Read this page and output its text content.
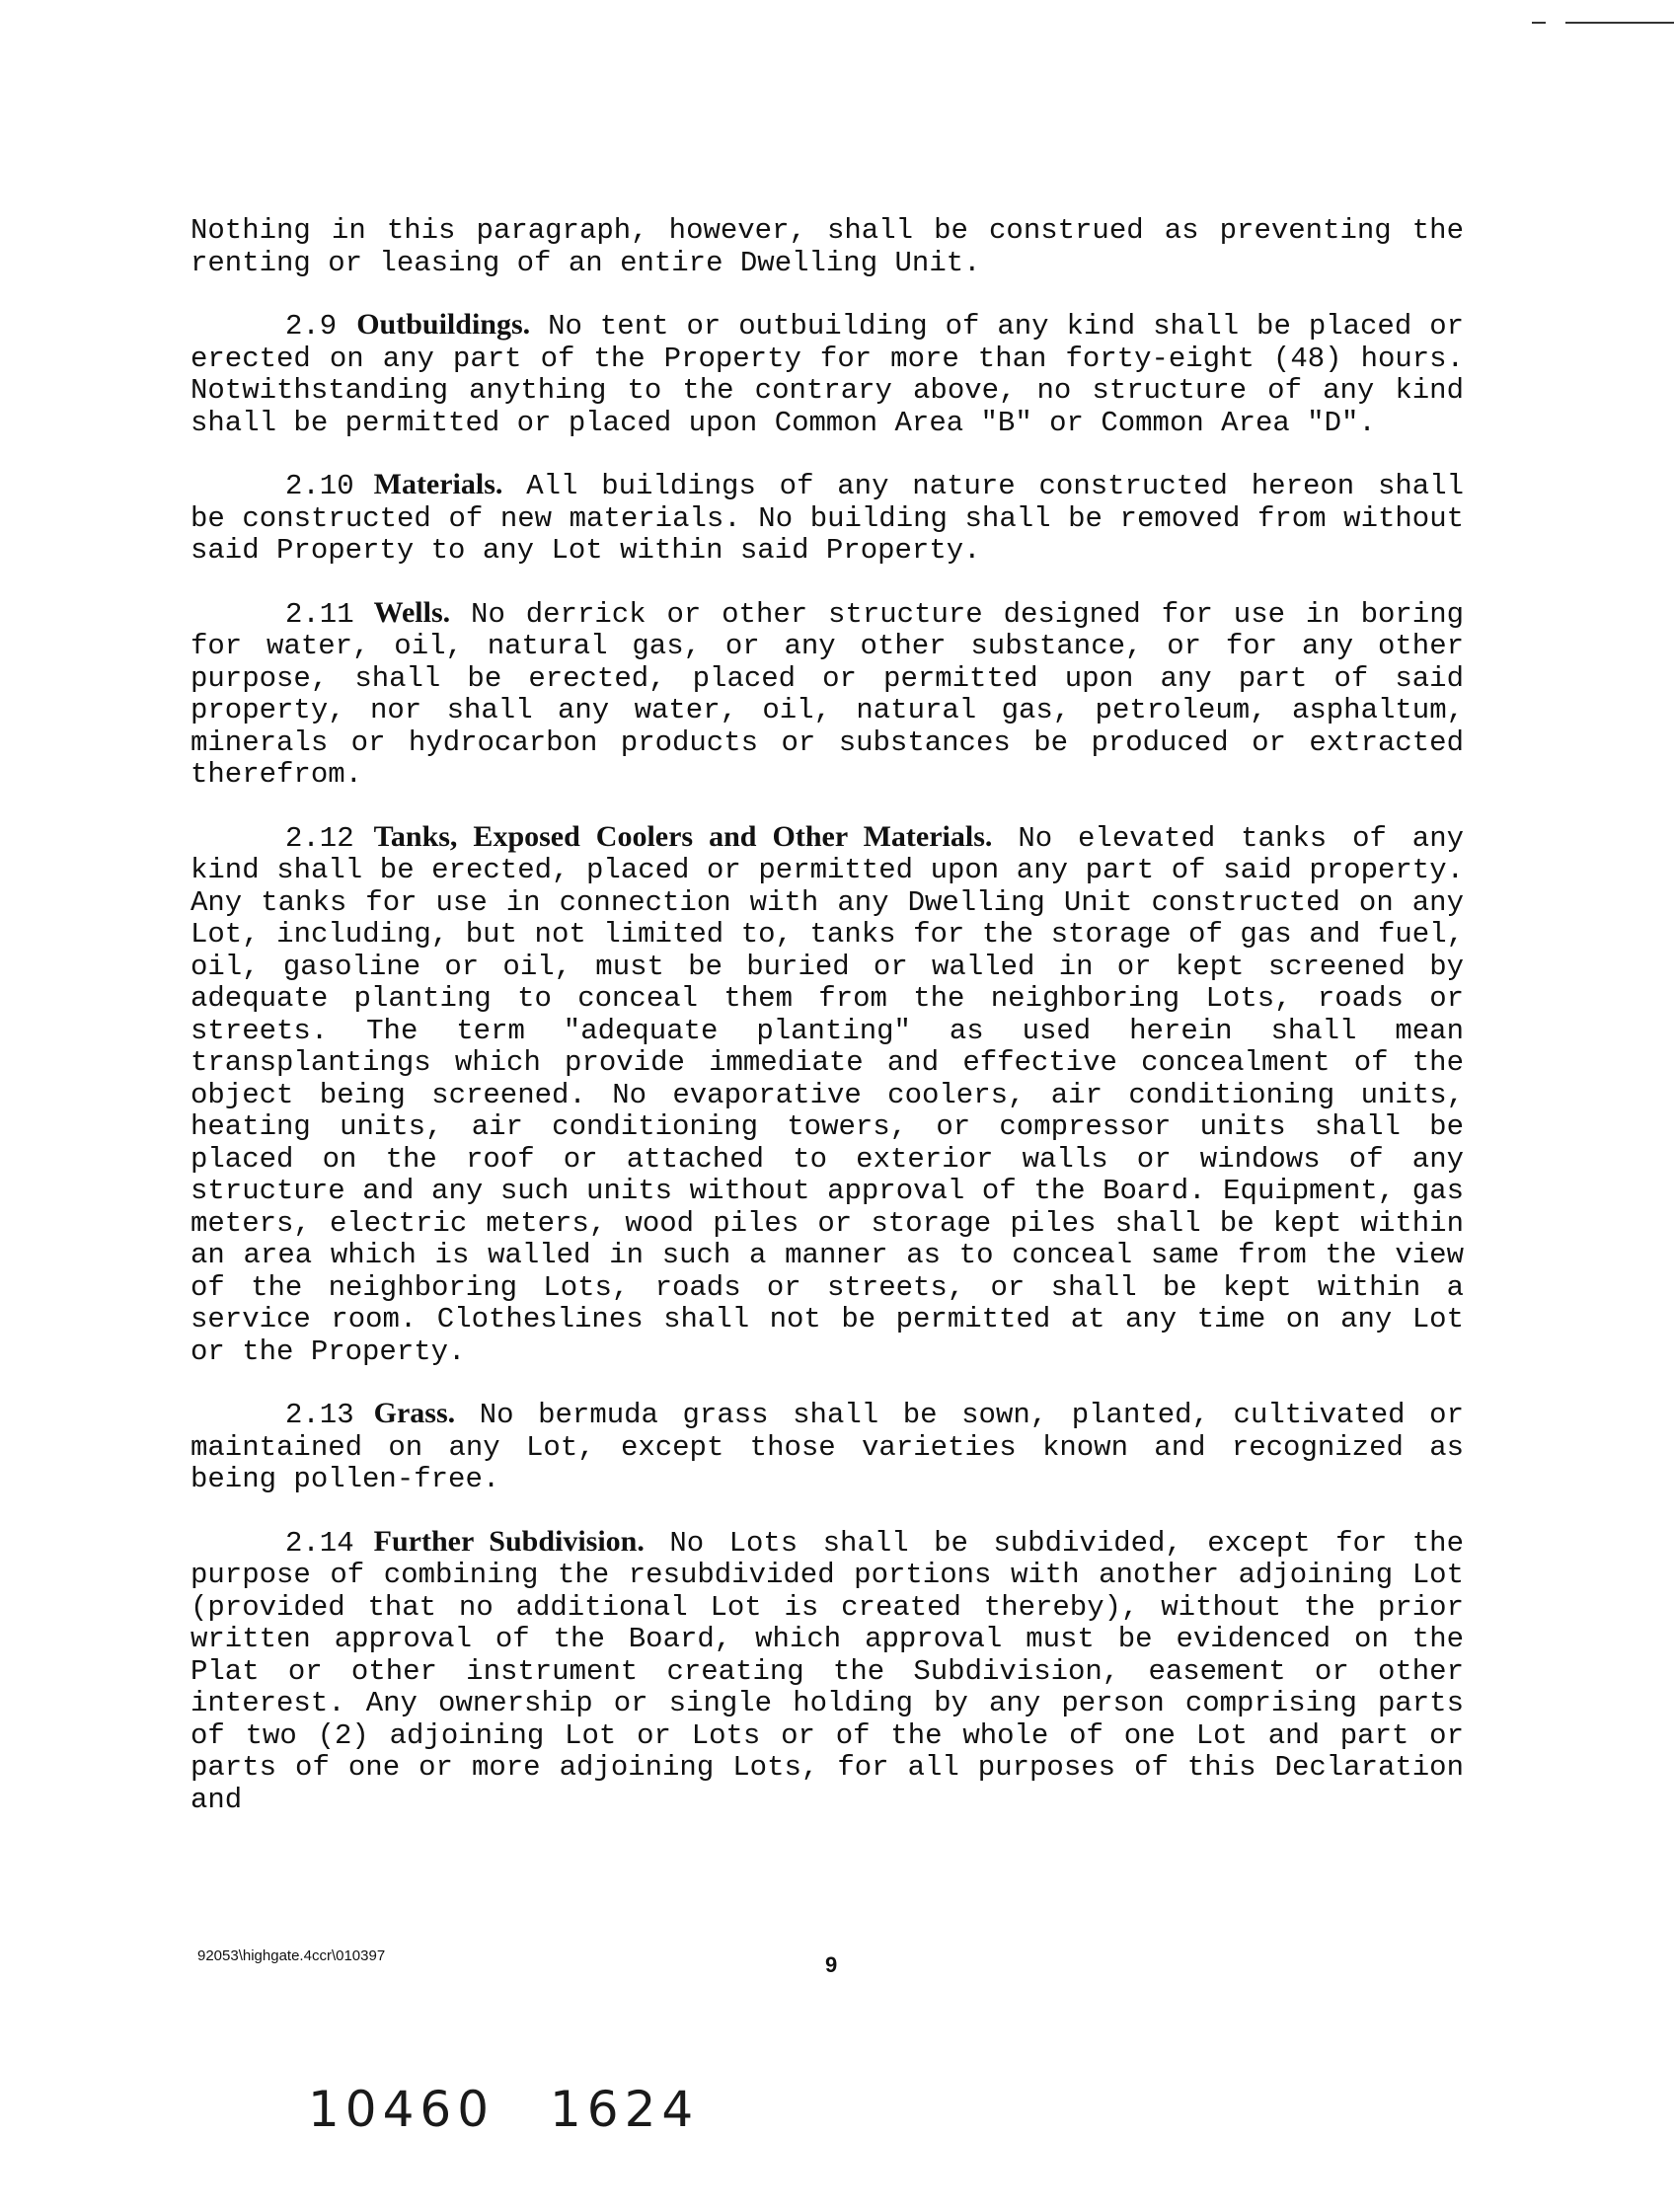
Nothing in this paragraph, however, shall be construed as preventing the renting or leasing of an entire Dwelling Unit.

2.9 Outbuildings. No tent or outbuilding of any kind shall be placed or erected on any part of the Property for more than forty-eight (48) hours. Notwithstanding anything to the contrary above, no structure of any kind shall be permitted or placed upon Common Area "B" or Common Area "D".

2.10 Materials. All buildings of any nature constructed hereon shall be constructed of new materials. No building shall be removed from without said Property to any Lot within said Property.

2.11 Wells. No derrick or other structure designed for use in boring for water, oil, natural gas, or any other substance, or for any other purpose, shall be erected, placed or permitted upon any part of said property, nor shall any water, oil, natural gas, petroleum, asphaltum, minerals or hydrocarbon products or substances be produced or extracted therefrom.

2.12 Tanks, Exposed Coolers and Other Materials. No elevated tanks of any kind shall be erected, placed or permitted upon any part of said property. Any tanks for use in connection with any Dwelling Unit constructed on any Lot, including, but not limited to, tanks for the storage of gas and fuel, oil, gasoline or oil, must be buried or walled in or kept screened by adequate planting to conceal them from the neighboring Lots, roads or streets. The term "adequate planting" as used herein shall mean transplantings which provide immediate and effective concealment of the object being screened. No evaporative coolers, air conditioning units, heating units, air conditioning towers, or compressor units shall be placed on the roof or attached to exterior walls or windows of any structure and any such units without approval of the Board. Equipment, gas meters, electric meters, wood piles or storage piles shall be kept within an area which is walled in such a manner as to conceal same from the view of the neighboring Lots, roads or streets, or shall be kept within a service room. Clotheslines shall not be permitted at any time on any Lot or the Property.

2.13 Grass. No bermuda grass shall be sown, planted, cultivated or maintained on any Lot, except those varieties known and recognized as being pollen-free.

2.14 Further Subdivision. No Lots shall be subdivided, except for the purpose of combining the resubdivided portions with another adjoining Lot (provided that no additional Lot is created thereby), without the prior written approval of the Board, which approval must be evidenced on the Plat or other instrument creating the Subdivision, easement or other interest. Any ownership or single holding by any person comprising parts of two (2) adjoining Lot or Lots or of the whole of one Lot and part or parts of one or more adjoining Lots, for all purposes of this Declaration and

92053\highgate.4ccr\010397	9
10460 1624
